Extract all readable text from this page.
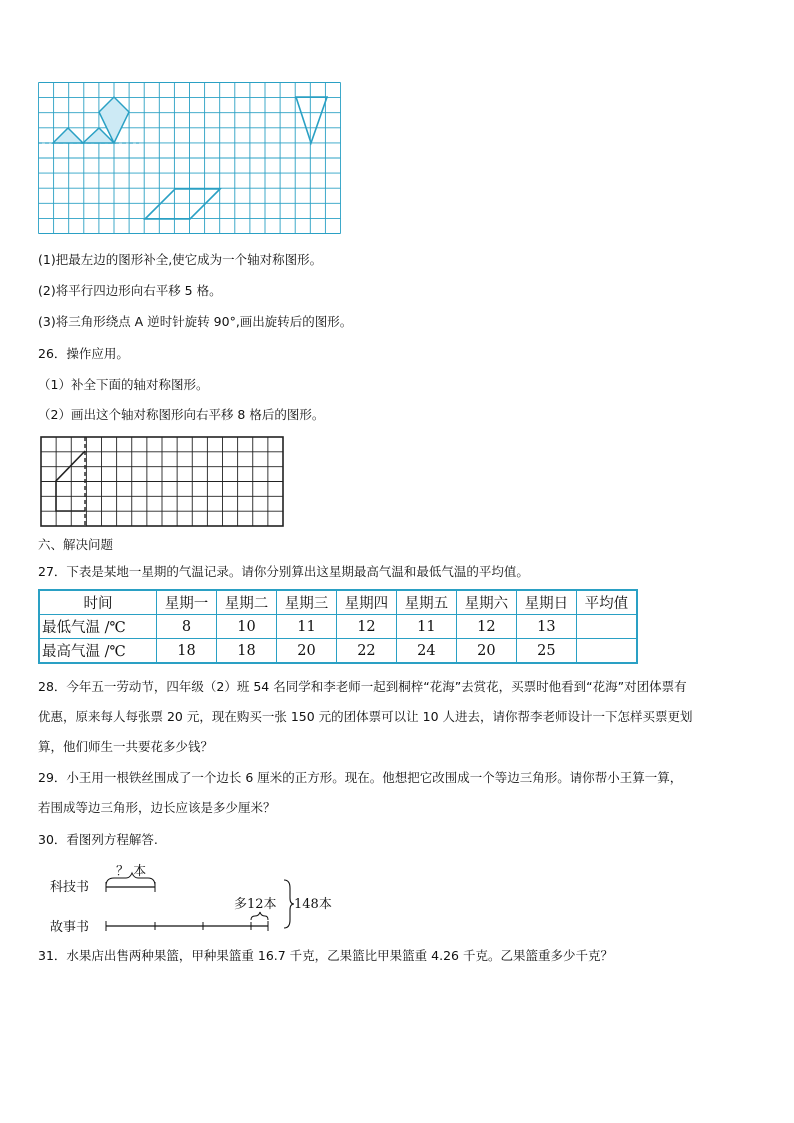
(1)把最左边的图形补全,使它成为一个轴对称图形。
(2)将平行四边形向右平移 5 格。
(3)将三角形绕点 A 逆时针旋转 90°,画出旋转后的图形。
26．操作应用。
（1）补全下面的轴对称图形。
（2）画出这个轴对称图形向右平移 8 格后的图形。
六、解决问题
27．下表是某地一星期的气温记录。请你分别算出这星期最高气温和最低气温的平均值。
时间	星期一	星期二	星期三	星期四	星期五	星期六	星期日	平均值
最低气温 /℃	8	10	11	12	11	12	13	
最高气温 /℃	18	18	20	22	24	20	25	
28．今年五一劳动节，四年级（2）班 54 名同学和李老师一起到桐梓“花海”去赏花，买票时他看到“花海”对团体票有
优惠，原来每人每张票 20 元，现在购买一张 150 元的团体票可以让 10 人进去，请你帮李老师设计一下怎样买票更划
算，他们师生一共要花多少钱？
29．小王用一根铁丝围成了一个边长 6 厘米的正方形。现在。他想把它改围成一个等边三角形。请你帮小王算一算，
若围成等边三角形，边长应该是多少厘米？
30．看图列方程解答.
科技书
故事书
？ 本
多12本 148本
31．水果店出售两种果篮，甲种果篮重 16.7 千克，乙果篮比甲果篮重 4.26 千克。乙果篮重多少千克？
